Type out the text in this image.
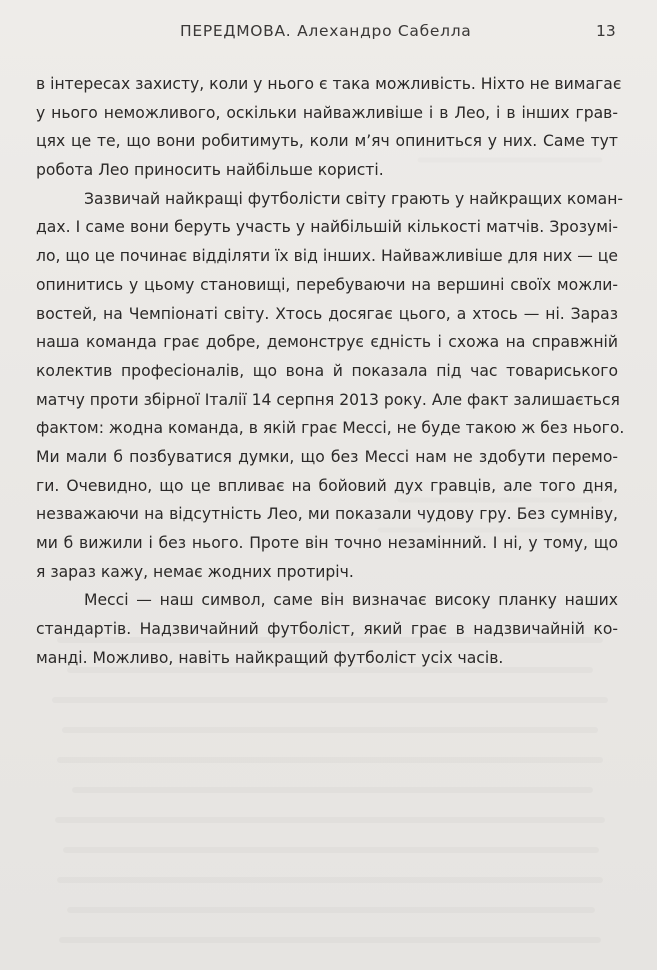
ПЕРЕДМОВА. Алехандро Сабелла	13
в інтересах захисту, коли у нього є така можливість. Ніхто не вимагає
у нього неможливого, оскільки найважливіше і в Лео, і в інших грав-
цях це те, що вони робитимуть, коли м’яч опиниться у них. Саме тут
робота Лео приносить найбільше користі.
Зазвичай найкращі футболісти світу грають у найкращих коман-
дах. І саме вони беруть участь у найбільшій кількості матчів. Зрозумі-
ло, що це починає відділяти їх від інших. Найважливіше для них — це
опинитись у цьому становищі, перебуваючи на вершині своїх можли-
востей, на Чемпіонаті світу. Хтось досягає цього, а хтось — ні. Зараз
наша команда грає добре, демонструє єдність і схожа на справжній
колектив професіоналів, що вона й показала під час товариського
матчу проти збірної Італії 14 серпня 2013 року. Але факт залишається
фактом: жодна команда, в якій грає Мессі, не буде такою ж без нього.
Ми мали б позбуватися думки, що без Мессі нам не здобути перемо-
ги. Очевидно, що це впливає на бойовий дух гравців, але того дня,
незважаючи на відсутність Лео, ми показали чудову гру. Без сумніву,
ми б вижили і без нього. Проте він точно незамінний. І ні, у тому, що
я зараз кажу, немає жодних протиріч.
Мессі — наш символ, саме він визначає високу планку наших
стандартів. Надзвичайний футболіст, який грає в надзвичайній ко-
манді. Можливо, навіть найкращий футболіст усіх часів.
